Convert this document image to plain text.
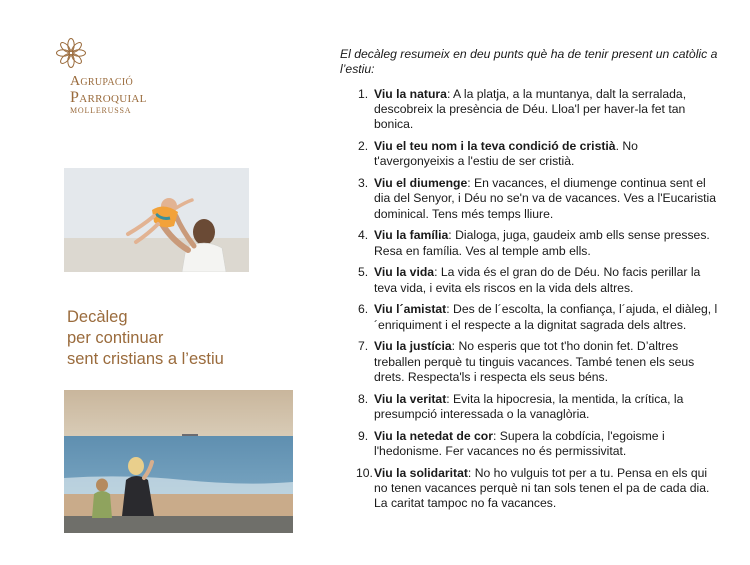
Agrupació
Parroquial
MOLLERUSSA
Decàleg
per continuar
sent cristians a l’estiu

El decàleg resumeix en deu punts què ha de tenir present un catòlic a l’estiu:

1. Viu la natura: A la platja, a la muntanya, dalt la serralada, descobreix la presència de Déu. Lloa'l per haver-la fet tan bonica.
2. Viu el teu nom i la teva condició de cristià. No t'avergonyeixis a l'estiu de ser cristià.
3. Viu el diumenge: En vacances, el diumenge continua sent el dia del Senyor, i Déu no se'n va de vacances. Ves a l'Eucaristia dominical. Tens més temps lliure.
4. Viu la família: Dialoga, juga, gaudeix amb ells sense presses. Resa en família. Ves al temple amb ells.
5. Viu la vida: La vida és el gran do de Déu. No facis perillar la teva vida, i evita els riscos en la vida dels altres.
6. Viu l´amistat: Des de l´escolta, la confiança, l´ajuda, el diàleg, l´enriquiment i el respecte a la dignitat sagrada dels altres.
7. Viu la justícia: No esperis que tot t'ho donin fet. D’altres treballen perquè tu tinguis vacances. També tenen els seus drets. Respecta'ls i respecta els seus béns.
8. Viu la veritat: Evita la hipocresia, la mentida, la crítica, la presumpció interessada o la vanaglòria.
9. Viu la netedat de cor: Supera la cobdícia, l'egoisme i l'hedonisme. Fer vacances no és permissivitat.
10. Viu la solidaritat: No ho vulguis tot per a tu. Pensa en els qui no tenen vacances perquè ni tan sols tenen el pa de cada dia. La caritat tampoc no fa vacances.
